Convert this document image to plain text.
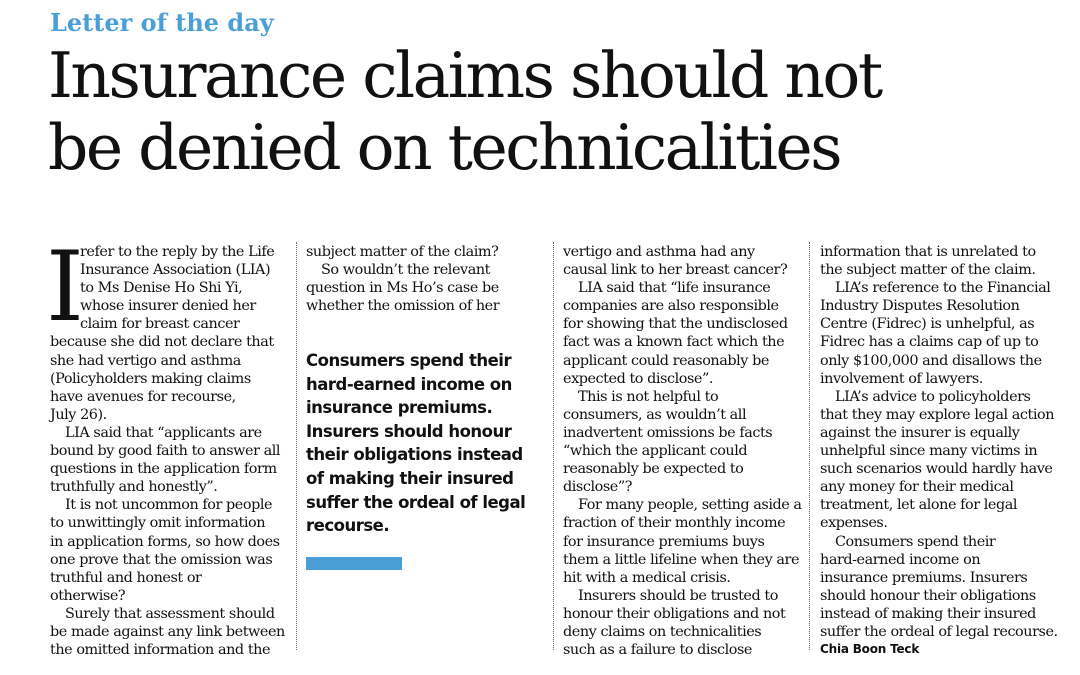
Letter of the day
Insurance claims should not
be denied on technicalities
I
refer to the reply by the Life
Insurance Association (LIA)
to Ms Denise Ho Shi Yi,
whose insurer denied her
claim for breast cancer
because she did not declare that
she had vertigo and asthma
(Policyholders making claims
have avenues for recourse,
July 26).
LIA said that “applicants are
bound by good faith to answer all
questions in the application form
truthfully and honestly”.
It is not uncommon for people
to unwittingly omit information
in application forms, so how does
one prove that the omission was
truthful and honest or
otherwise?
Surely that assessment should
be made against any link between
the omitted information and the
subject matter of the claim?
So wouldn’t the relevant
question in Ms Ho’s case be
whether the omission of her
Consumers spend their
hard-earned income on
insurance premiums.
Insurers should honour
their obligations instead
of making their insured
suffer the ordeal of legal
recourse.
vertigo and asthma had any
causal link to her breast cancer?
LIA said that “life insurance
companies are also responsible
for showing that the undisclosed
fact was a known fact which the
applicant could reasonably be
expected to disclose”.
This is not helpful to
consumers, as wouldn’t all
inadvertent omissions be facts
“which the applicant could
reasonably be expected to
disclose”?
For many people, setting aside a
fraction of their monthly income
for insurance premiums buys
them a little lifeline when they are
hit with a medical crisis.
Insurers should be trusted to
honour their obligations and not
deny claims on technicalities
such as a failure to disclose
information that is unrelated to
the subject matter of the claim.
LIA’s reference to the Financial
Industry Disputes Resolution
Centre (Fidrec) is unhelpful, as
Fidrec has a claims cap of up to
only $100,000 and disallows the
involvement of lawyers.
LIA’s advice to policyholders
that they may explore legal action
against the insurer is equally
unhelpful since many victims in
such scenarios would hardly have
any money for their medical
treatment, let alone for legal
expenses.
Consumers spend their
hard-earned income on
insurance premiums. Insurers
should honour their obligations
instead of making their insured
suffer the ordeal of legal recourse.
Chia Boon Teck
